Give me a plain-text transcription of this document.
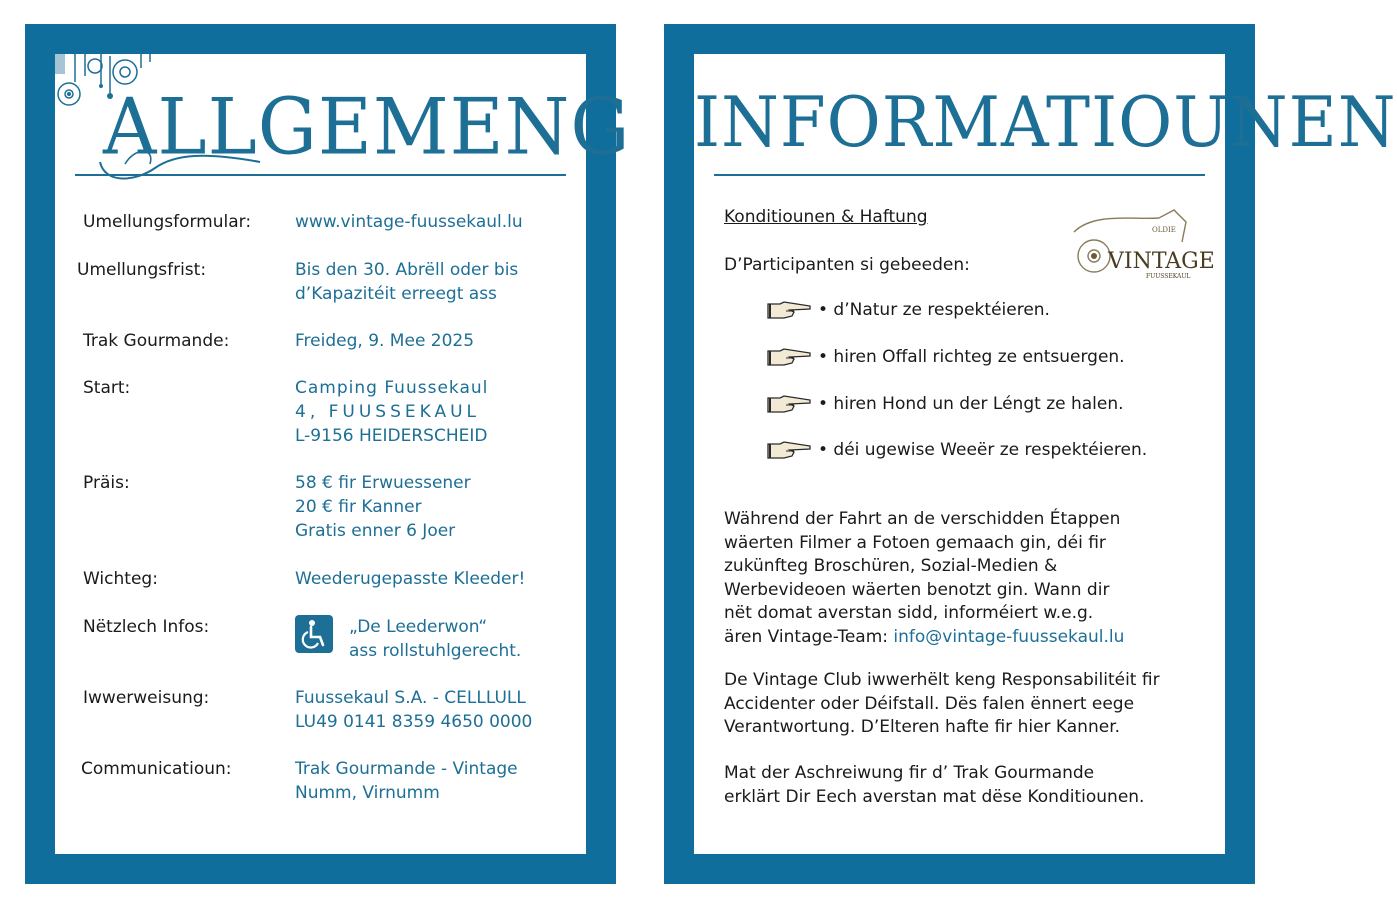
ALLGEMENG
Umellungsformular:	www.vintage-fuussekaul.lu
Umellungsfrist:	Bis den 30. Abrëll oder bis
d’Kapazitéit erreegt ass
Trak Gourmande:	Freideg, 9. Mee 2025
Start:	Camping Fuussekaul
4, FUUSSEKAUL
L-9156 HEIDERSCHEID
Präis:	58 € fir Erwuessener
20 € fir Kanner
Gratis enner 6 Joer
Wichteg:	Weederugepasste Kleeder!
Nëtzlech Infos:	„De Leederwon“
ass rollstuhlgerecht.
Iwwerweisung:	Fuussekaul S.A. - CELLLULL
LU49 0141 8359 4650 0000
Communicatioun:	Trak Gourmande - Vintage
Numm, Virnumm
INFORMATIOUNEN
Konditiounen & Haftung
D’Participanten si gebeeden:
OLDIE
VINTAGE
FUUSSEKAUL
• d’Natur ze respektéieren.
• hiren Offall richteg ze entsuergen.
• hiren Hond un der Léngt ze halen.
• déi ugewise Weeër ze respektéieren.
Während der Fahrt an de verschidden Étappen
wäerten Filmer a Fotoen gemaach gin, déi fir
zukünfteg Broschüren, Sozial-Medien &
Werbevideoen wäerten benotzt gin. Wann dir
nët domat averstan sidd, informéiert w.e.g.
ären Vintage-Team: info@vintage-fuussekaul.lu
De Vintage Club iwwerhëlt keng Responsabilitéit fir
Accidenter oder Déifstall. Dës falen ënnert eege
Verantwortung. D’Elteren hafte fir hier Kanner.
Mat der Aschreiwung fir d’ Trak Gourmande
erklärt Dir Eech averstan mat dëse Konditiounen.
